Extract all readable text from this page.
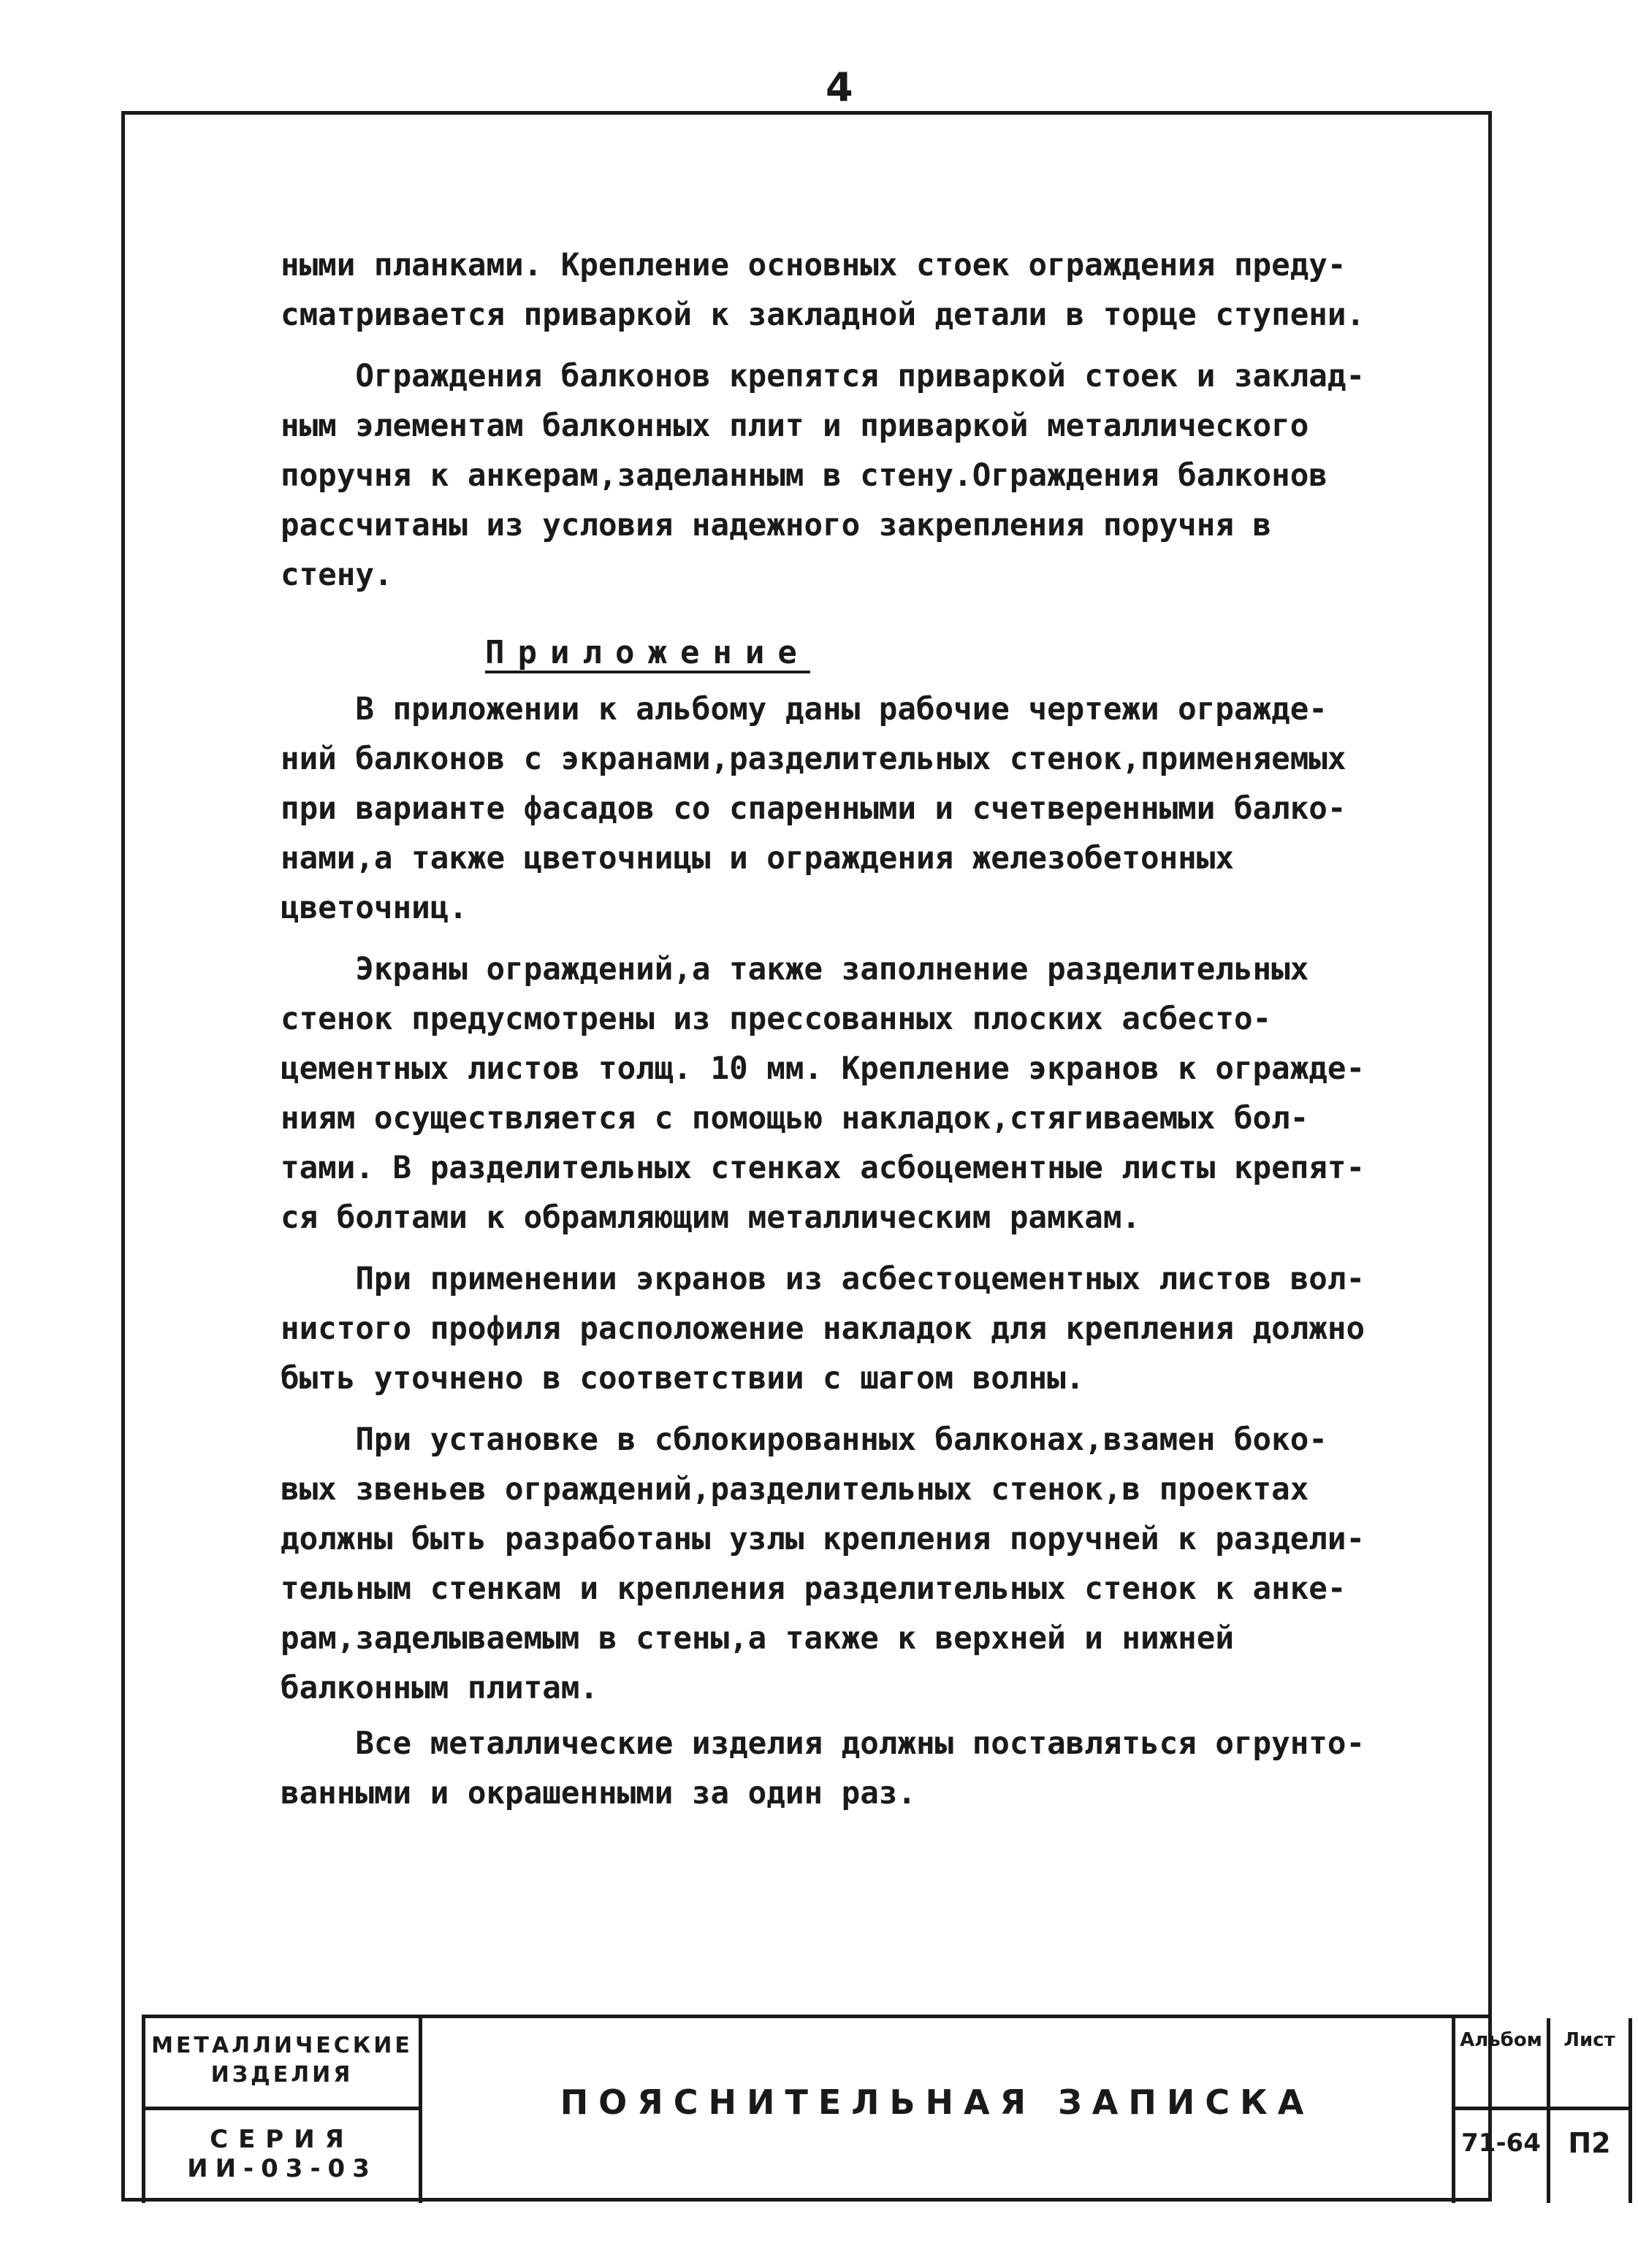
4

ными планками. Крепление основных стоек ограждения преду-

сматривается приваркой к закладной детали в торце ступени.

Ограждения балконов крепятся приваркой стоек и заклад-

ным элементам балконных плит и приваркой металлического

поручня к анкерам,заделанным в стену.Ограждения балконов

рассчитаны из условия надежного закрепления поручня в

стену.

Приложение

В приложении к альбому даны рабочие чертежи огражде-

ний балконов с экранами,разделительных стенок,применяемых

при варианте фасадов со спаренными и счетверенными балко-

нами,а также цветочницы и ограждения железобетонных

цветочниц.

Экраны ограждений,а также заполнение разделительных

стенок предусмотрены из прессованных плоских асбесто-

цементных листов толщ. 10 мм. Крепление экранов к огражде-

ниям осуществляется с помощью накладок,стягиваемых бол-

тами. В разделительных стенках асбоцементные листы крепят-

ся болтами к обрамляющим металлическим рамкам.

При применении экранов из асбестоцементных листов вол-

нистого профиля расположение накладок для крепления должно

быть уточнено в соответствии с шагом волны.

При установке в сблокированных балконах,взамен боко-

вых звеньев ограждений,разделительных стенок,в проектах

должны быть разработаны узлы крепления поручней к раздели-

тельным стенкам и крепления разделительных стенок к анке-

рам,заделываемым в стены,а также к верхней и нижней

балконным плитам.

Все металлические изделия должны поставляться огрунто-

ванными и окрашенными за один раз.

МЕТАЛЛИЧЕСКИЕ
ИЗДЕЛИЯ
СЕРИЯ
ИИ-03-03
ПОЯСНИТЕЛЬНАЯ ЗАПИСКА
Альбом	Лист
71-64 П2
